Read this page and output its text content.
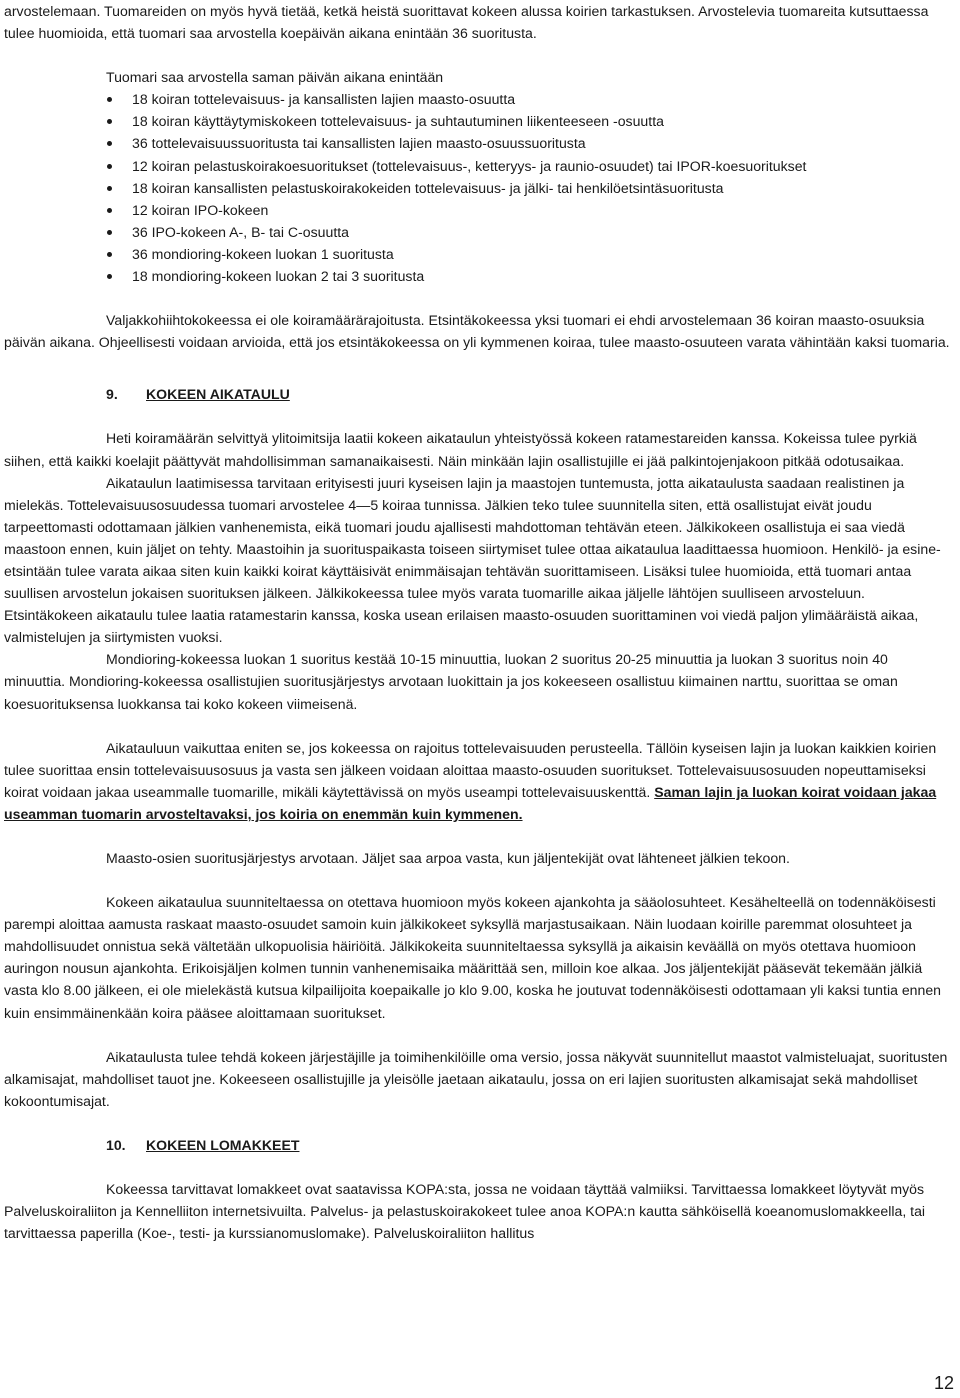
arvostelemaan. Tuomareiden on myös hyvä tietää, ketkä heistä suorittavat kokeen alussa koirien tarkastuksen. Arvostelevia tuomareita kutsuttaessa tulee huomioida, että tuomari saa arvostella koepäivän aikana enintään 36 suoritusta.

Tuomari saa arvostella saman päivän aikana enintään

18 koiran tottelevaisuus- ja kansallisten lajien maasto-osuutta
18 koiran käyttäytymiskokeen tottelevaisuus- ja suhtautuminen liikenteeseen -osuutta
36 tottelevaisuussuoritusta tai kansallisten lajien maasto-osuussuoritusta
12 koiran pelastuskoirakoesuoritukset (tottelevaisuus-, ketteryys- ja raunio-osuudet) tai IPOR-koesuoritukset
18 koiran kansallisten pelastuskoirakokeiden tottelevaisuus- ja jälki- tai henkilöetsintäsuoritusta
12 koiran IPO-kokeen
36 IPO-kokeen A-, B- tai C-osuutta
36 mondioring-kokeen luokan 1 suoritusta
18 mondioring-kokeen luokan 2 tai 3 suoritusta

Valjakkohiihtokokeessa ei ole koiramäärärajoitusta. Etsintäkokeessa yksi tuomari ei ehdi arvostelemaan 36 koiran maasto-osuuksia päivän aikana. Ohjeellisesti voidaan arvioida, että jos etsintäkokeessa on yli kymmenen koiraa, tulee maasto-osuuteen varata vähintään kaksi tuomaria.

9. KOKEEN AIKATAULU

Heti koiramäärän selvittyä ylitoimitsija laatii kokeen aikataulun yhteistyössä kokeen ratamestareiden kanssa. Kokeissa tulee pyrkiä siihen, että kaikki koelajit päättyvät mahdollisimman samanaikaisesti. Näin minkään lajin osallistujille ei jää palkintojenjakoon pitkää odotusaikaa.

Aikataulun laatimisessa tarvitaan erityisesti juuri kyseisen lajin ja maastojen tuntemusta, jotta aikataulusta saadaan realistinen ja mielekäs. Tottelevaisuusosuudessa tuomari arvostelee 4—5 koiraa tunnissa. Jälkien teko tulee suunnitella siten, että osallistujat eivät joudu tarpeettomasti odottamaan jälkien vanhenemista, eikä tuomari joudu ajallisesti mahdottoman tehtävän eteen. Jälkikokeen osallistuja ei saa viedä maastoon ennen, kuin jäljet on tehty. Maastoihin ja suorituspaikasta toiseen siirtymiset tulee ottaa aikataulua laadittaessa huomioon. Henkilö- ja esine-etsintään tulee varata aikaa siten kuin kaikki koirat käyttäisivät enimmäisajan tehtävän suorittamiseen. Lisäksi tulee huomioida, että tuomari antaa suullisen arvostelun jokaisen suorituksen jälkeen. Jälkikokeessa tulee myös varata tuomarille aikaa jäljelle lähtöjen suulliseen arvosteluun. Etsintäkokeen aikataulu tulee laatia ratamestarin kanssa, koska usean erilaisen maasto-osuuden suorittaminen voi viedä paljon ylimääräistä aikaa, valmistelujen ja siirtymisten vuoksi.

Mondioring-kokeessa luokan 1 suoritus kestää 10-15 minuuttia, luokan 2 suoritus 20-25 minuuttia ja luokan 3 suoritus noin 40 minuuttia. Mondioring-kokeessa osallistujien suoritusjärjestys arvotaan luokittain ja jos kokeeseen osallistuu kiimainen narttu, suorittaa se oman koesuorituksensa luokkansa tai koko kokeen viimeisenä.

Aikatauluun vaikuttaa eniten se, jos kokeessa on rajoitus tottelevaisuuden perusteella. Tällöin kyseisen lajin ja luokan kaikkien koirien tulee suorittaa ensin tottelevaisuusosuus ja vasta sen jälkeen voidaan aloittaa maasto-osuuden suoritukset. Tottelevaisuusosuuden nopeuttamiseksi koirat voidaan jakaa useammalle tuomarille, mikäli käytettävissä on myös useampi tottelevaisuuskenttä. Saman lajin ja luokan koirat voidaan jakaa useamman tuomarin arvosteltavaksi, jos koiria on enemmän kuin kymmenen.

Maasto-osien suoritusjärjestys arvotaan. Jäljet saa arpoa vasta, kun jäljentekijät ovat lähteneet jälkien tekoon.

Kokeen aikataulua suunniteltaessa on otettava huomioon myös kokeen ajankohta ja sääolosuhteet. Kesähelteellä on todennäköisesti parempi aloittaa aamusta raskaat maasto-osuudet samoin kuin jälkikokeet syksyllä marjastusaikaan. Näin luodaan koirille paremmat olosuhteet ja mahdollisuudet onnistua sekä vältetään ulkopuolisia häiriöitä. Jälkikokeita suunniteltaessa syksyllä ja aikaisin keväällä on myös otettava huomioon auringon nousun ajankohta. Erikoisjäljen kolmen tunnin vanhenemisaika määrittää sen, milloin koe alkaa. Jos jäljentekijät pääsevät tekemään jälkiä vasta klo 8.00 jälkeen, ei ole mielekästä kutsua kilpailijoita koepaikalle jo klo 9.00, koska he joutuvat todennäköisesti odottamaan yli kaksi tuntia ennen kuin ensimmäinenkään koira pääsee aloittamaan suoritukset.

Aikataulusta tulee tehdä kokeen järjestäjille ja toimihenkilöille oma versio, jossa näkyvät suunnitellut maastot valmisteluajat, suoritusten alkamisajat, mahdolliset tauot jne. Kokeeseen osallistujille ja yleisölle jaetaan aikataulu, jossa on eri lajien suoritusten alkamisajat sekä mahdolliset kokoontumisajat.

10. KOKEEN LOMAKKEET

Kokeessa tarvittavat lomakkeet ovat saatavissa KOPA:sta, jossa ne voidaan täyttää valmiiksi. Tarvittaessa lomakkeet löytyvät myös Palveluskoiraliiton ja Kennelliiton internetsivuilta. Palvelus- ja pelastuskoirakokeet tulee anoa KOPA:n kautta sähköisellä koeanomuslomakkeella, tai tarvittaessa paperilla (Koe-, testi- ja kurssianomuslomake). Palveluskoiraliiton hallitus

12
